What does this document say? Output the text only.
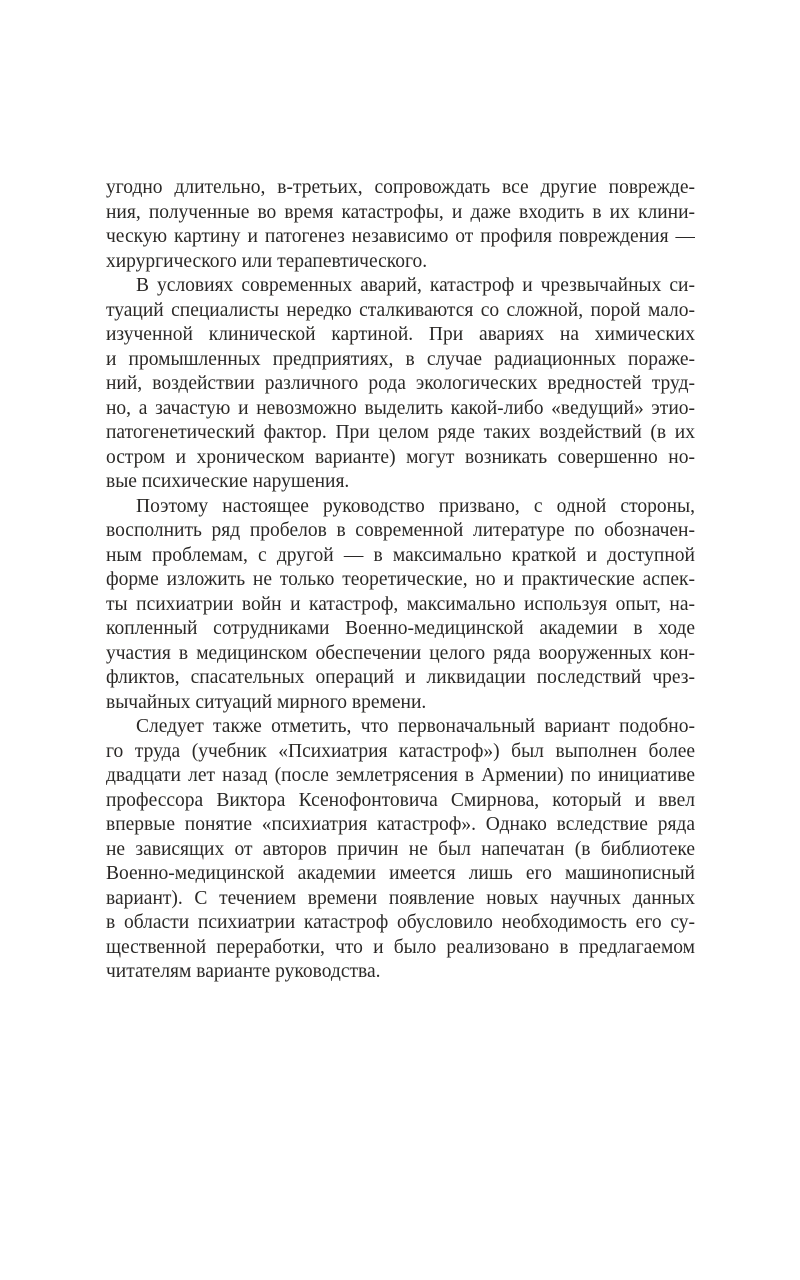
угодно длительно, в-третьих, сопровождать все другие поврежде-
ния, полученные во время катастрофы, и даже входить в их клини-
ческую картину и патогенез независимо от профиля повреждения —
хирургического или терапевтического.
В условиях современных аварий, катастроф и чрезвычайных си-
туаций специалисты нередко сталкиваются со сложной, порой мало-
изученной клинической картиной. При авариях на химических
и промышленных предприятиях, в случае радиационных пораже-
ний, воздействии различного рода экологических вредностей труд-
но, а зачастую и невозможно выделить какой-либо «ведущий» этио-
патогенетический фактор. При целом ряде таких воздействий (в их
остром и хроническом варианте) могут возникать совершенно но-
вые психические нарушения.
Поэтому настоящее руководство призвано, с одной стороны,
восполнить ряд пробелов в современной литературе по обозначен-
ным проблемам, с другой — в максимально краткой и доступной
форме изложить не только теоретические, но и практические аспек-
ты психиатрии войн и катастроф, максимально используя опыт, на-
копленный сотрудниками Военно-медицинской академии в ходе
участия в медицинском обеспечении целого ряда вооруженных кон-
фликтов, спасательных операций и ликвидации последствий чрез-
вычайных ситуаций мирного времени.
Следует также отметить, что первоначальный вариант подобно-
го труда (учебник «Психиатрия катастроф») был выполнен более
двадцати лет назад (после землетрясения в Армении) по инициативе
профессора Виктора Ксенофонтовича Смирнова, который и ввел
впервые понятие «психиатрия катастроф». Однако вследствие ряда
не зависящих от авторов причин не был напечатан (в библиотеке
Военно-медицинской академии имеется лишь его машинописный
вариант). С течением времени появление новых научных данных
в области психиатрии катастроф обусловило необходимость его су-
щественной переработки, что и было реализовано в предлагаемом
читателям варианте руководства.
